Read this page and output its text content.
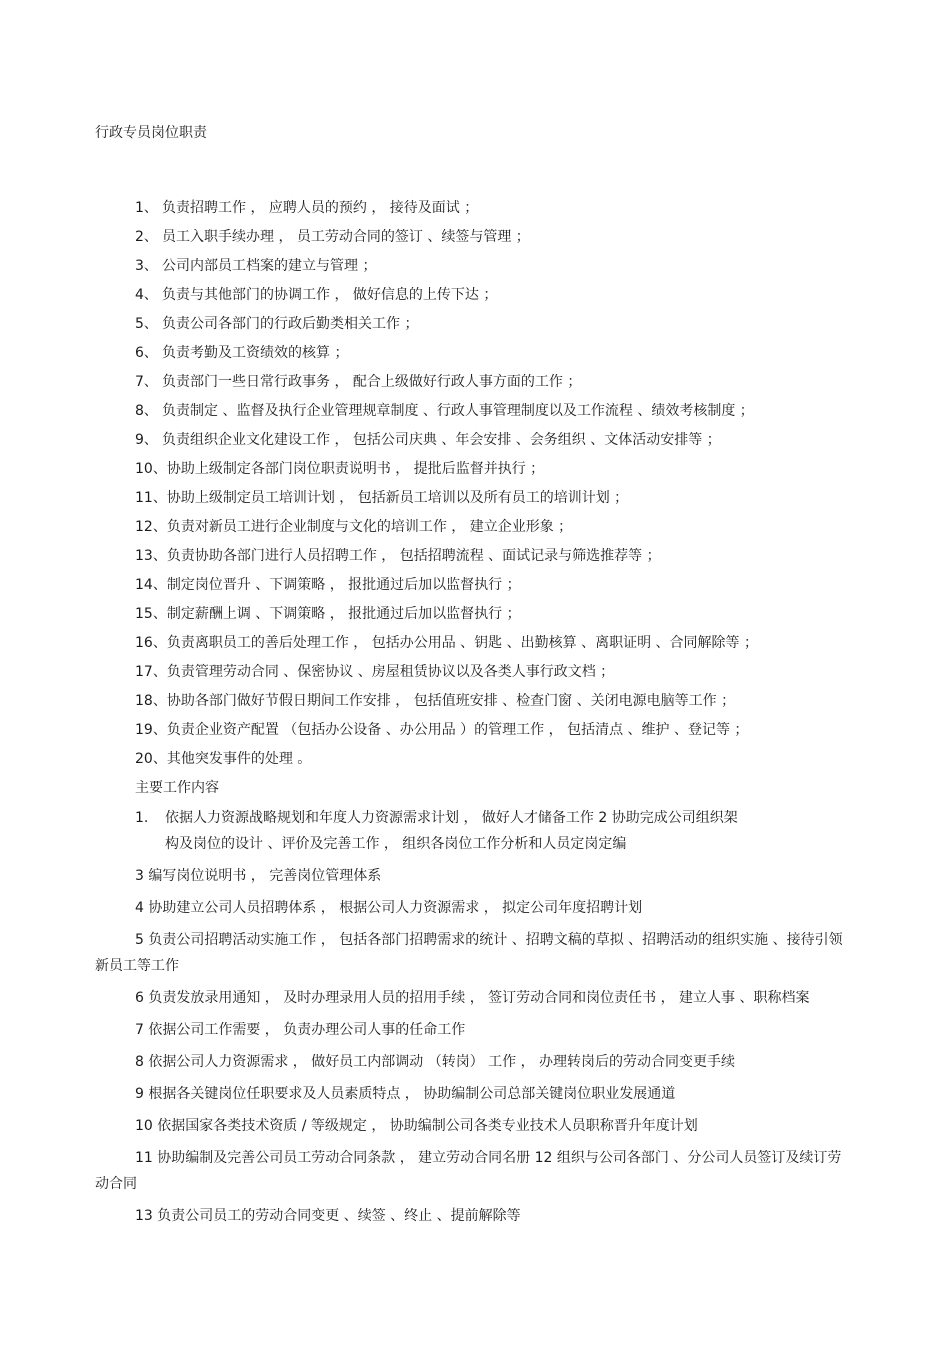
行政专员岗位职责
1、 负责招聘工作 ， 应聘人员的预约 ， 接待及面试 ；
2、 员工入职手续办理 ， 员工劳动合同的签订 、续签与管理 ；
3、 公司内部员工档案的建立与管理 ；
4、 负责与其他部门的协调工作 ， 做好信息的上传下达 ；
5、 负责公司各部门的行政后勤类相关工作 ；
6、 负责考勤及工资绩效的核算 ；
7、 负责部门一些日常行政事务 ， 配合上级做好行政人事方面的工作 ；
8、 负责制定 、监督及执行企业管理规章制度 、行政人事管理制度以及工作流程 、绩效考核制度 ；
9、 负责组织企业文化建设工作 ， 包括公司庆典 、年会安排 、会务组织 、文体活动安排等 ；
10、协助上级制定各部门岗位职责说明书 ， 提批后监督并执行 ；
11、协助上级制定员工培训计划 ， 包括新员工培训以及所有员工的培训计划 ；
12、负责对新员工进行企业制度与文化的培训工作 ， 建立企业形象 ；
13、负责协助各部门进行人员招聘工作 ， 包括招聘流程 、面试记录与筛选推荐等 ；
14、制定岗位晋升 、下调策略 ， 报批通过后加以监督执行 ；
15、制定薪酬上调 、下调策略 ， 报批通过后加以监督执行 ；
16、负责离职员工的善后处理工作 ， 包括办公用品 、钥匙 、出勤核算 、离职证明 、合同解除等 ；
17、负责管理劳动合同 、保密协议 、房屋租赁协议以及各类人事行政文档 ；
18、协助各部门做好节假日期间工作安排 ， 包括值班安排 、检查门窗 、关闭电源电脑等工作 ；
19、负责企业资产配置 （包括办公设备 、办公用品 ）的管理工作 ， 包括清点 、维护 、登记等 ；
20、其他突发事件的处理 。
主要工作内容

1. 依据人力资源战略规划和年度人力资源需求计划 ， 做好人才储备工作 2 协助完成公司组织架
构及岗位的设计 、评价及完善工作 ， 组织各岗位工作分析和人员定岗定编

3 编写岗位说明书 ， 完善岗位管理体系

4 协助建立公司人员招聘体系 ， 根据公司人力资源需求 ， 拟定公司年度招聘计划

5 负责公司招聘活动实施工作 ， 包括各部门招聘需求的统计 、招聘文稿的草拟 、招聘活动的组织实施 、接待引领新员工等工作

6 负责发放录用通知 ， 及时办理录用人员的招用手续 ， 签订劳动合同和岗位责任书 ， 建立人事 、职称档案

7 依据公司工作需要 ， 负责办理公司人事的任命工作

8 依据公司人力资源需求 ， 做好员工内部调动 （转岗） 工作 ， 办理转岗后的劳动合同变更手续

9 根据各关键岗位任职要求及人员素质特点 ， 协助编制公司总部关键岗位职业发展通道

10 依据国家各类技术资质 / 等级规定 ， 协助编制公司各类专业技术人员职称晋升年度计划

11 协助编制及完善公司员工劳动合同条款 ， 建立劳动合同名册 12 组织与公司各部门 、分公司人员签订及续订劳动合同

13 负责公司员工的劳动合同变更 、续签 、终止 、提前解除等
